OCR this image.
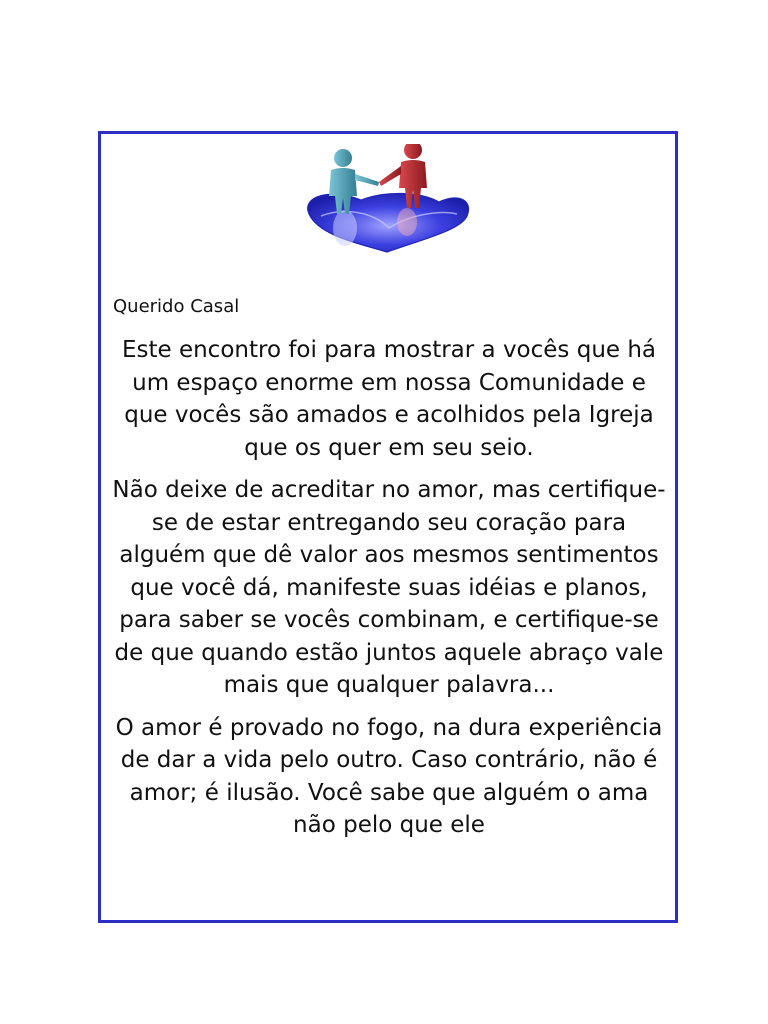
Querido Casal

Este encontro foi para mostrar a vocês que há um espaço enorme em nossa Comunidade e que vocês são amados e acolhidos pela Igreja que os quer em seu seio.

Não deixe de acreditar no amor, mas certifique-se de estar entregando seu coração para alguém que dê valor aos mesmos sentimentos que você dá, manifeste suas idéias e planos, para saber se vocês combinam, e certifique-se de que quando estão juntos aquele abraço vale mais que qualquer palavra...

O amor é provado no fogo, na dura experiência de dar a vida pelo outro. Caso contrário, não é amor; é ilusão. Você sabe que alguém o ama não pelo que ele
